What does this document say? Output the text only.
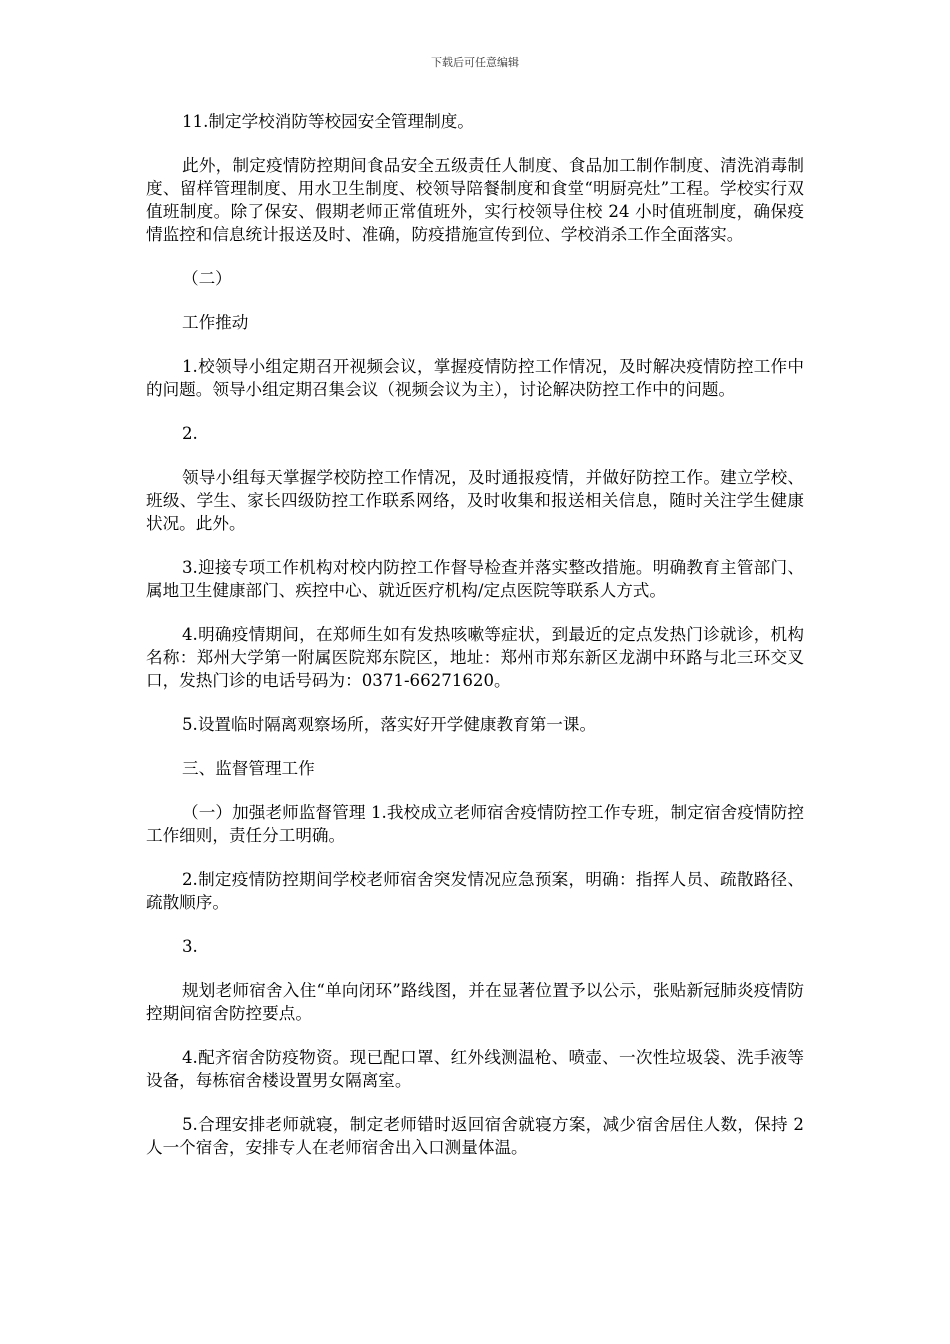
下载后可任意编辑

11.制定学校消防等校园安全管理制度。

此外，制定疫情防控期间食品安全五级责任人制度、食品加工制作制度、清洗消毒制度、留样管理制度、用水卫生制度、校领导陪餐制度和食堂“明厨亮灶”工程。学校实行双值班制度。除了保安、假期老师正常值班外，实行校领导住校 24 小时值班制度，确保疫情监控和信息统计报送及时、准确，防疫措施宣传到位、学校消杀工作全面落实。

（二）

工作推动

1.校领导小组定期召开视频会议，掌握疫情防控工作情况，及时解决疫情防控工作中的问题。领导小组定期召集会议（视频会议为主），讨论解决防控工作中的问题。

2.

领导小组每天掌握学校防控工作情况，及时通报疫情，并做好防控工作。建立学校、班级、学生、家长四级防控工作联系网络，及时收集和报送相关信息，随时关注学生健康状况。此外。

3.迎接专项工作机构对校内防控工作督导检查并落实整改措施。明确教育主管部门、属地卫生健康部门、疾控中心、就近医疗机构/定点医院等联系人方式。

4.明确疫情期间，在郑师生如有发热咳嗽等症状，到最近的定点发热门诊就诊，机构名称：郑州大学第一附属医院郑东院区，地址：郑州市郑东新区龙湖中环路与北三环交叉口，发热门诊的电话号码为：0371-66271620。

5.设置临时隔离观察场所，落实好开学健康教育第一课。

三、监督管理工作

（一）加强老师监督管理 1.我校成立老师宿舍疫情防控工作专班，制定宿舍疫情防控工作细则，责任分工明确。

2.制定疫情防控期间学校老师宿舍突发情况应急预案，明确：指挥人员、疏散路径、疏散顺序。

3.

规划老师宿舍入住“单向闭环”路线图，并在显著位置予以公示，张贴新冠肺炎疫情防控期间宿舍防控要点。

4.配齐宿舍防疫物资。现已配口罩、红外线测温枪、喷壶、一次性垃圾袋、洗手液等设备，每栋宿舍楼设置男女隔离室。

5.合理安排老师就寝，制定老师错时返回宿舍就寝方案，减少宿舍居住人数，保持 2 人一个宿舍，安排专人在老师宿舍出入口测量体温。
